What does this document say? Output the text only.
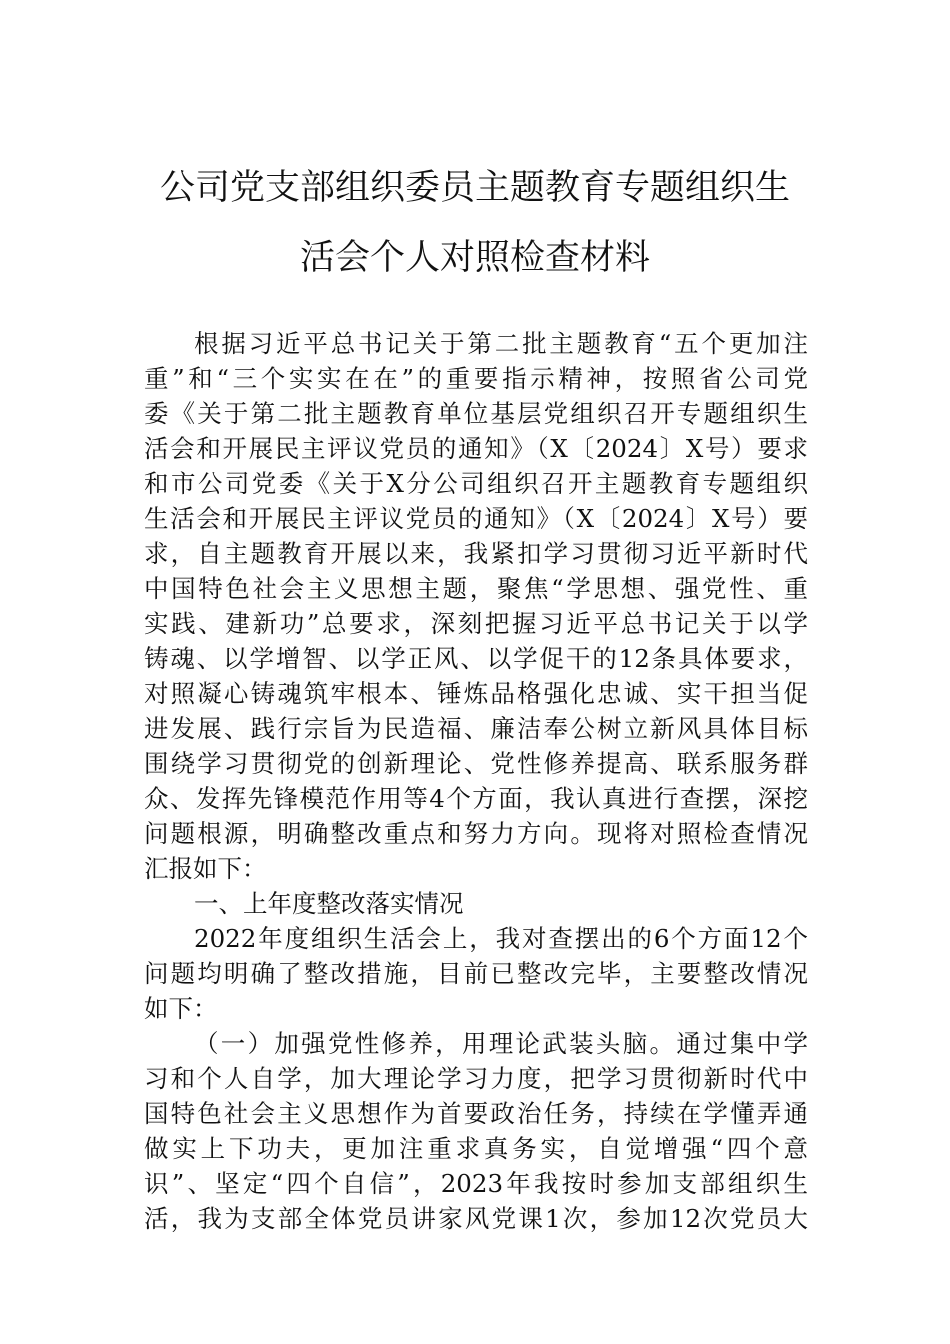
公司党支部组织委员主题教育专题组织生
活会个人对照检查材料
根据习近平总书记关于第二批主题教育“五个更加注
重”和“三个实实在在”的重要指示精神，按照省公司党
委《关于第二批主题教育单位基层党组织召开专题组织生
活会和开展民主评议党员的通知》（X〔2024〕X号）要求
和市公司党委《关于X分公司组织召开主题教育专题组织
生活会和开展民主评议党员的通知》（X〔2024〕X号）要
求，自主题教育开展以来，我紧扣学习贯彻习近平新时代
中国特色社会主义思想主题，聚焦“学思想、强党性、重
实践、建新功”总要求，深刻把握习近平总书记关于以学
铸魂、以学增智、以学正风、以学促干的12条具体要求，
对照凝心铸魂筑牢根本、锤炼品格强化忠诚、实干担当促
进发展、践行宗旨为民造福、廉洁奉公树立新风具体目标
围绕学习贯彻党的创新理论、党性修养提高、联系服务群
众、发挥先锋模范作用等4个方面，我认真进行查摆，深挖
问题根源，明确整改重点和努力方向。现将对照检查情况
汇报如下：
一、上年度整改落实情况
2022年度组织生活会上，我对查摆出的6个方面12个
问题均明确了整改措施，目前已整改完毕，主要整改情况
如下：
（一）加强党性修养，用理论武装头脑。通过集中学
习和个人自学，加大理论学习力度，把学习贯彻新时代中
国特色社会主义思想作为首要政治任务，持续在学懂弄通
做实上下功夫，更加注重求真务实，自觉增强“四个意
识”、坚定“四个自信”，2023年我按时参加支部组织生
活，我为支部全体党员讲家风党课1次，参加12次党员大
